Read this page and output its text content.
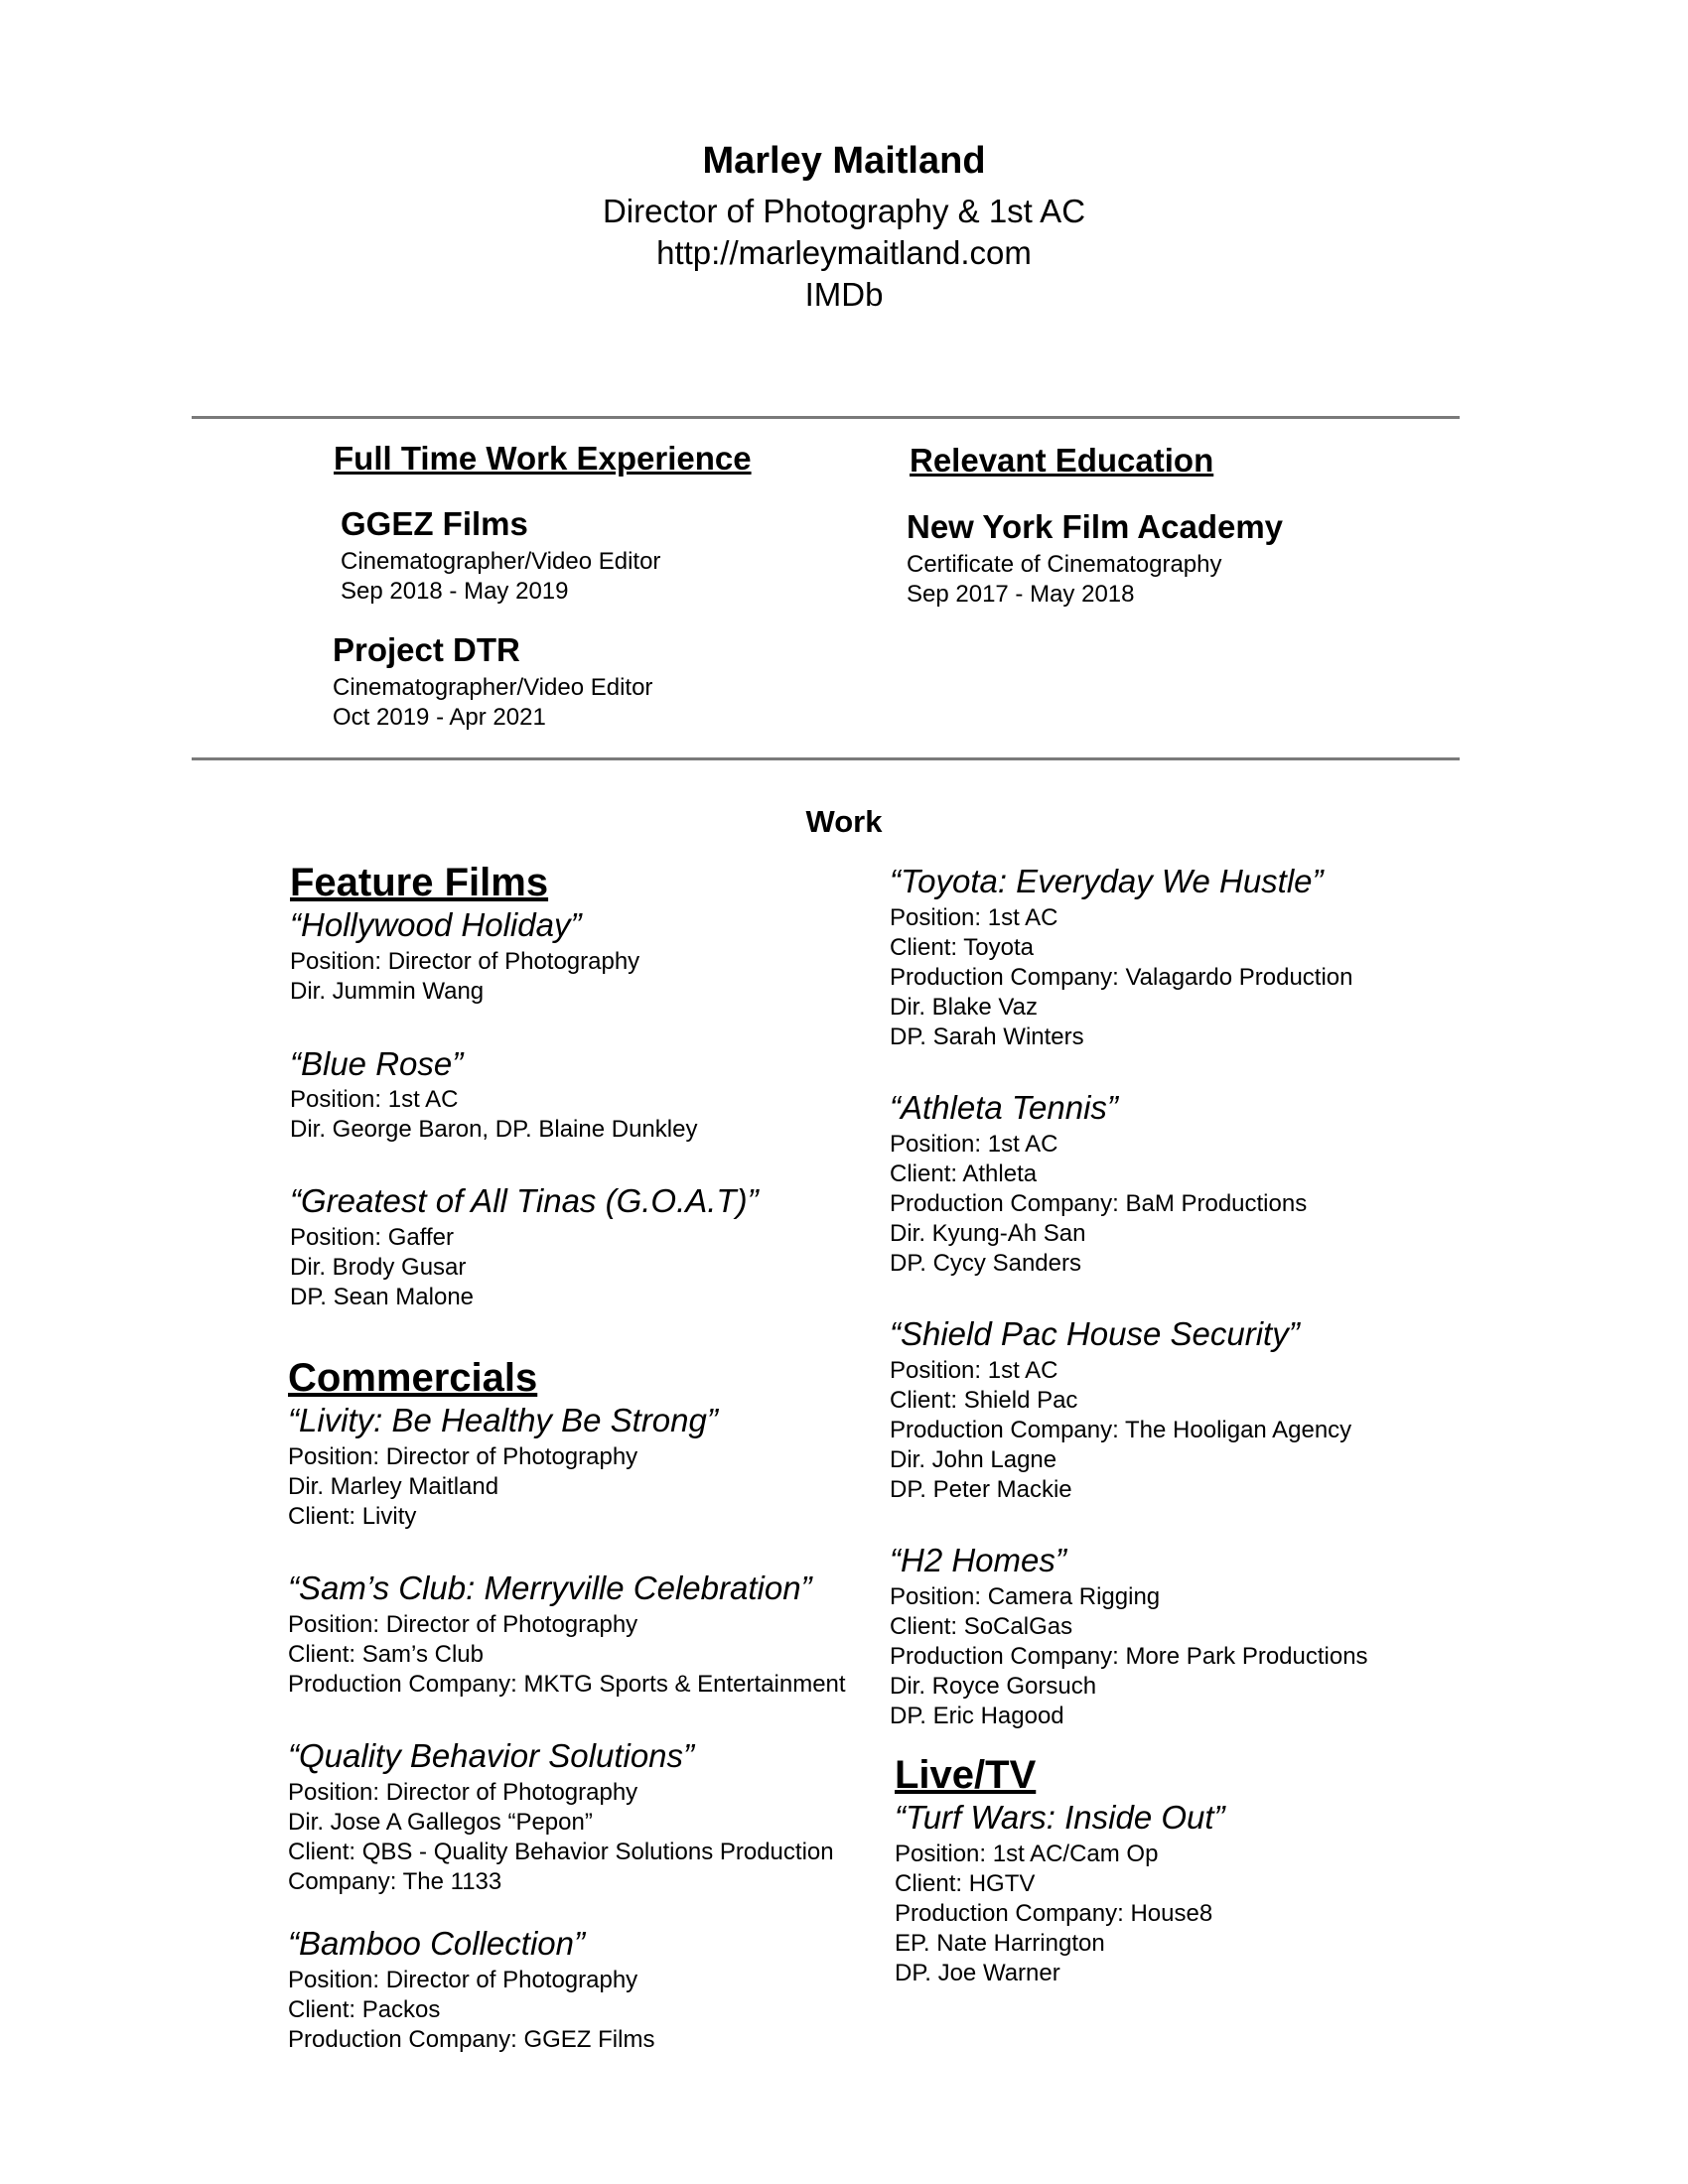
Marley Maitland
Director of Photography & 1st AC
http://marleymaitland.com
IMDb
Full Time Work Experience
GGEZ Films
Cinematographer/Video Editor
Sep 2018 - May 2019
Project DTR
Cinematographer/Video Editor
Oct 2019 - Apr 2021
Relevant Education
New York Film Academy
Certificate of Cinematography
Sep 2017 - May 2018
Work
Feature Films
“Hollywood Holiday”
Position: Director of Photography
Dir. Jummin Wang
“Blue Rose”
Position: 1st AC
Dir. George Baron, DP. Blaine Dunkley
“Greatest of All Tinas (G.O.A.T)”
Position: Gaffer
Dir. Brody Gusar
DP. Sean Malone
Commercials
“Livity: Be Healthy Be Strong”
Position: Director of Photography
Dir. Marley Maitland
Client: Livity
“Sam’s Club: Merryville Celebration”
Position: Director of Photography
Client: Sam’s Club
Production Company: MKTG Sports & Entertainment
“Quality Behavior Solutions”
Position: Director of Photography
Dir. Jose A Gallegos “Pepon”
Client: QBS - Quality Behavior Solutions Production
Company: The 1133
“Bamboo Collection”
Position: Director of Photography
Client: Packos
Production Company: GGEZ Films
“Toyota: Everyday We Hustle”
Position: 1st AC
Client: Toyota
Production Company: Valagardo Production
Dir. Blake Vaz
DP. Sarah Winters
“Athleta Tennis”
Position: 1st AC
Client: Athleta
Production Company: BaM Productions
Dir. Kyung-Ah San
DP. Cycy Sanders
“Shield Pac House Security”
Position: 1st AC
Client: Shield Pac
Production Company: The Hooligan Agency
Dir. John Lagne
DP. Peter Mackie
“H2 Homes”
Position: Camera Rigging
Client: SoCalGas
Production Company: More Park Productions
Dir. Royce Gorsuch
DP. Eric Hagood
Live/TV
“Turf Wars: Inside Out”
Position: 1st AC/Cam Op
Client: HGTV
Production Company: House8
EP. Nate Harrington
DP. Joe Warner
